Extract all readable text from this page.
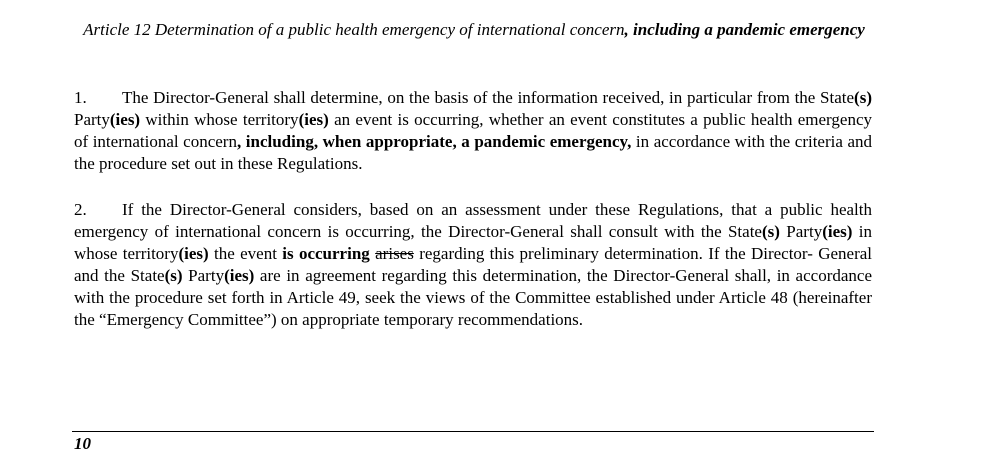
Article 12 Determination of a public health emergency of international concern, including a pandemic emergency
1. The Director-General shall determine, on the basis of the information received, in particular from the State(s) Party(ies) within whose territory(ies) an event is occurring, whether an event constitutes a public health emergency of international concern, including, when appropriate, a pandemic emergency, in accordance with the criteria and the procedure set out in these Regulations.
2. If the Director-General considers, based on an assessment under these Regulations, that a public health emergency of international concern is occurring, the Director-General shall consult with the State(s) Party(ies) in whose territory(ies) the event is occurring arises regarding this preliminary determination. If the Director- General and the State(s) Party(ies) are in agreement regarding this determination, the Director-General shall, in accordance with the procedure set forth in Article 49, seek the views of the Committee established under Article 48 (hereinafter the “Emergency Committee”) on appropriate temporary recommendations.
10
